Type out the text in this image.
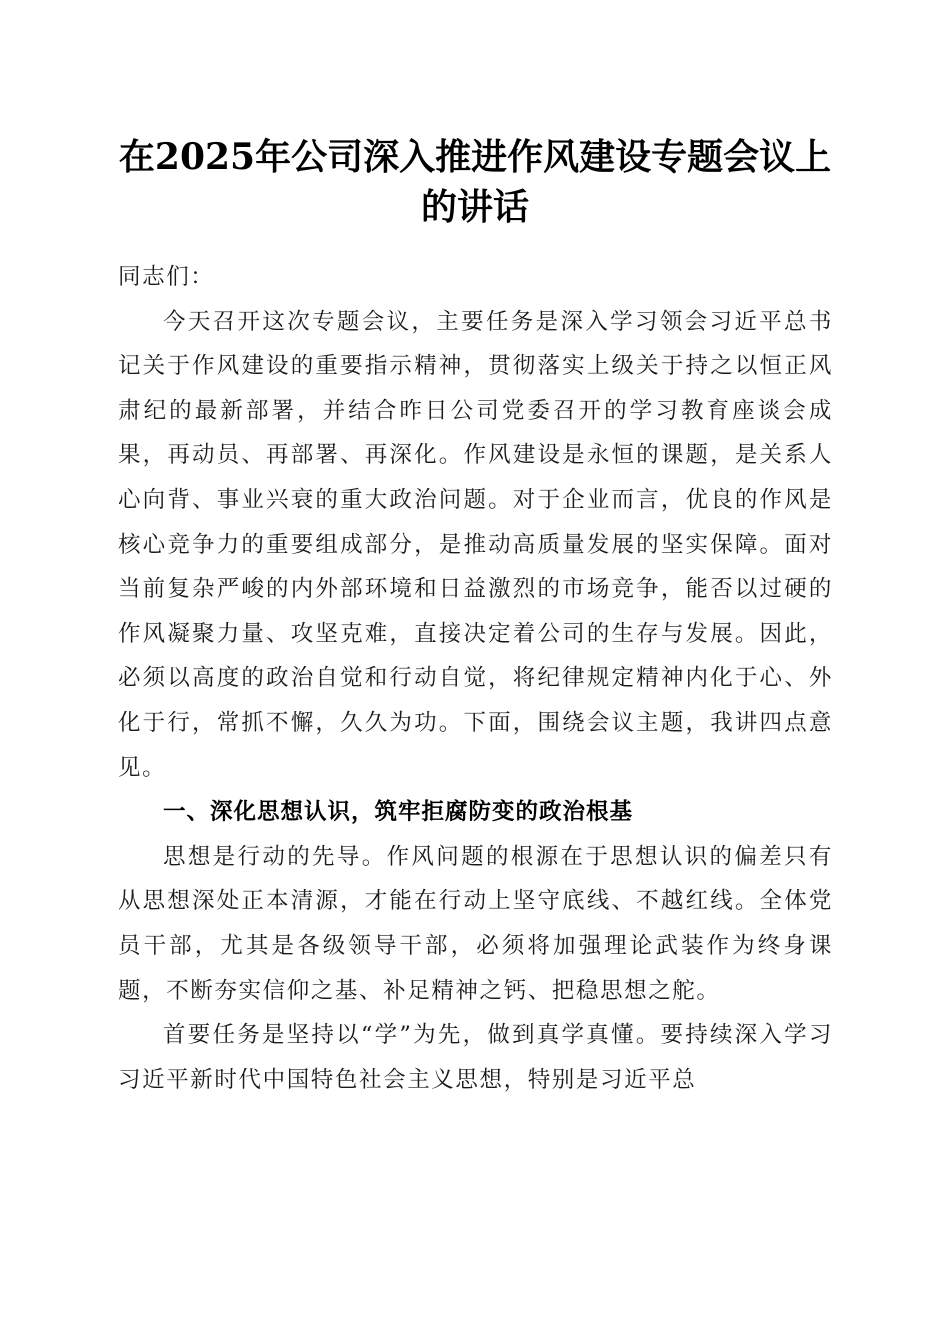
在2025年公司深入推进作风建设专题会议上
的讲话

同志们：

今天召开这次专题会议，主要任务是深入学习领会习近平总书记关于作风建设的重要指示精神，贯彻落实上级关于持之以恒正风肃纪的最新部署，并结合昨日公司党委召开的学习教育座谈会成果，再动员、再部署、再深化。作风建设是永恒的课题，是关系人心向背、事业兴衰的重大政治问题。对于企业而言，优良的作风是核心竞争力的重要组成部分，是推动高质量发展的坚实保障。面对当前复杂严峻的内外部环境和日益激烈的市场竞争，能否以过硬的作风凝聚力量、攻坚克难，直接决定着公司的生存与发展。因此，必须以高度的政治自觉和行动自觉，将纪律规定精神内化于心、外化于行，常抓不懈，久久为功。下面，围绕会议主题，我讲四点意见。

一、深化思想认识，筑牢拒腐防变的政治根基

思想是行动的先导。作风问题的根源在于思想认识的偏差只有从思想深处正本清源，才能在行动上坚守底线、不越红线。全体党员干部，尤其是各级领导干部，必须将加强理论武装作为终身课题，不断夯实信仰之基、补足精神之钙、把稳思想之舵。

首要任务是坚持以“学”为先，做到真学真懂。要持续深入学习习近平新时代中国特色社会主义思想，特别是习近平总
